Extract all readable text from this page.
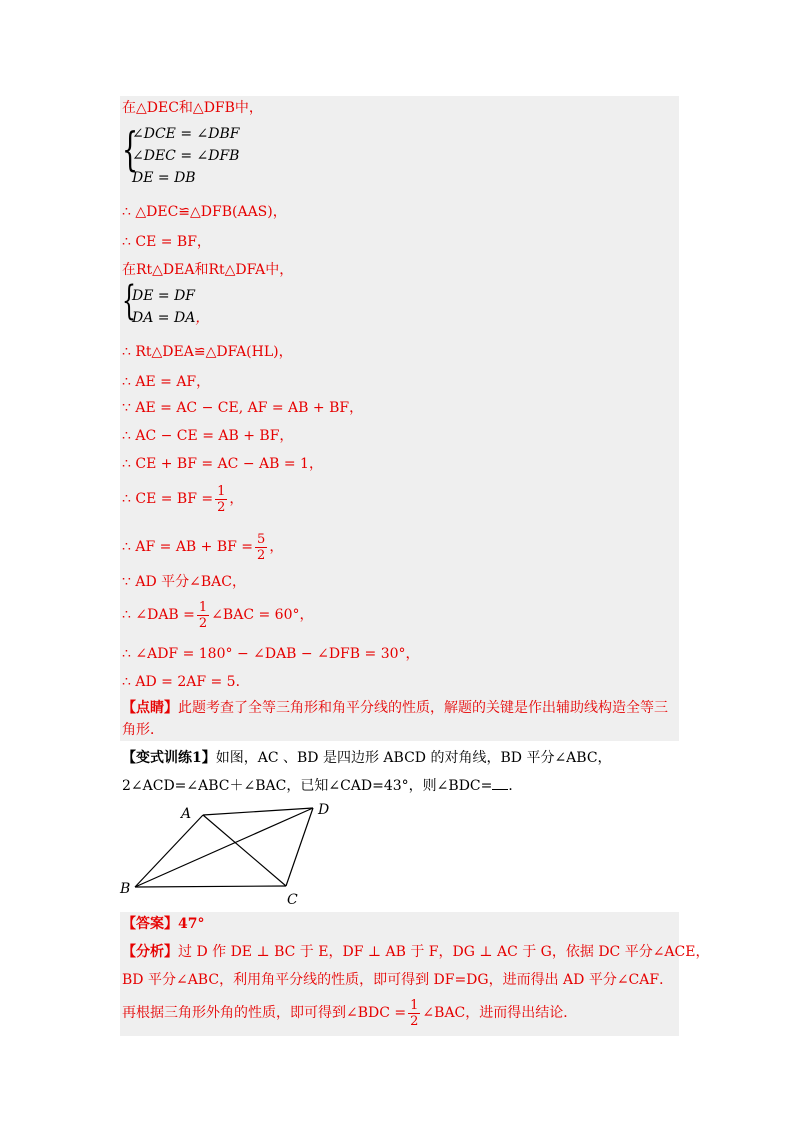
在△DEC和△DFB中，
{
∠DCE = ∠DBF
∠DEC = ∠DFB
DE = DB
∴ △DEC≌△DFB(AAS)，
∴ CE = BF，
在Rt△DEA和Rt△DFA中，
{
DE = DF
DA = DA，
∴ Rt△DEA≌△DFA(HL)，
∴ AE = AF，
∵ AE = AC − CE, AF = AB + BF，
∴ AC − CE = AB + BF，
∴ CE + BF = AC − AB = 1，
∴ CE = BF = $\frac{1}{2}$ ，
∴ AF = AB + BF = $\frac{5}{2}$ ，
∵ AD 平分∠BAC，
∴ ∠DAB = $\frac{1}{2}$ ∠BAC = 60°，
∴ ∠ADF = 180° − ∠DAB − ∠DFB = 30°，
∴ AD = 2AF = 5．
【点睛】此题考查了全等三角形和角平分线的性质，解题的关键是作出辅助线构造全等三
角形．
【变式训练1】如图，AC 、BD 是四边形 ABCD 的对角线，BD 平分∠ABC，
2∠ACD=∠ABC＋∠BAC，已知∠CAD=43°，则∠BDC= ．
A	D
B
C
【答案】47°
【分析】过 D 作 DE ⊥ BC 于 E，DF ⊥ AB 于 F，DG ⊥ AC 于 G，依据 DC 平分∠ACE，
BD 平分∠ABC，利用角平分线的性质，即可得到 DF=DG，进而得出 AD 平分∠CAF．
再根据三角形外角的性质，即可得到∠BDC = $\frac{1}{2}$ ∠BAC，进而得出结论．
